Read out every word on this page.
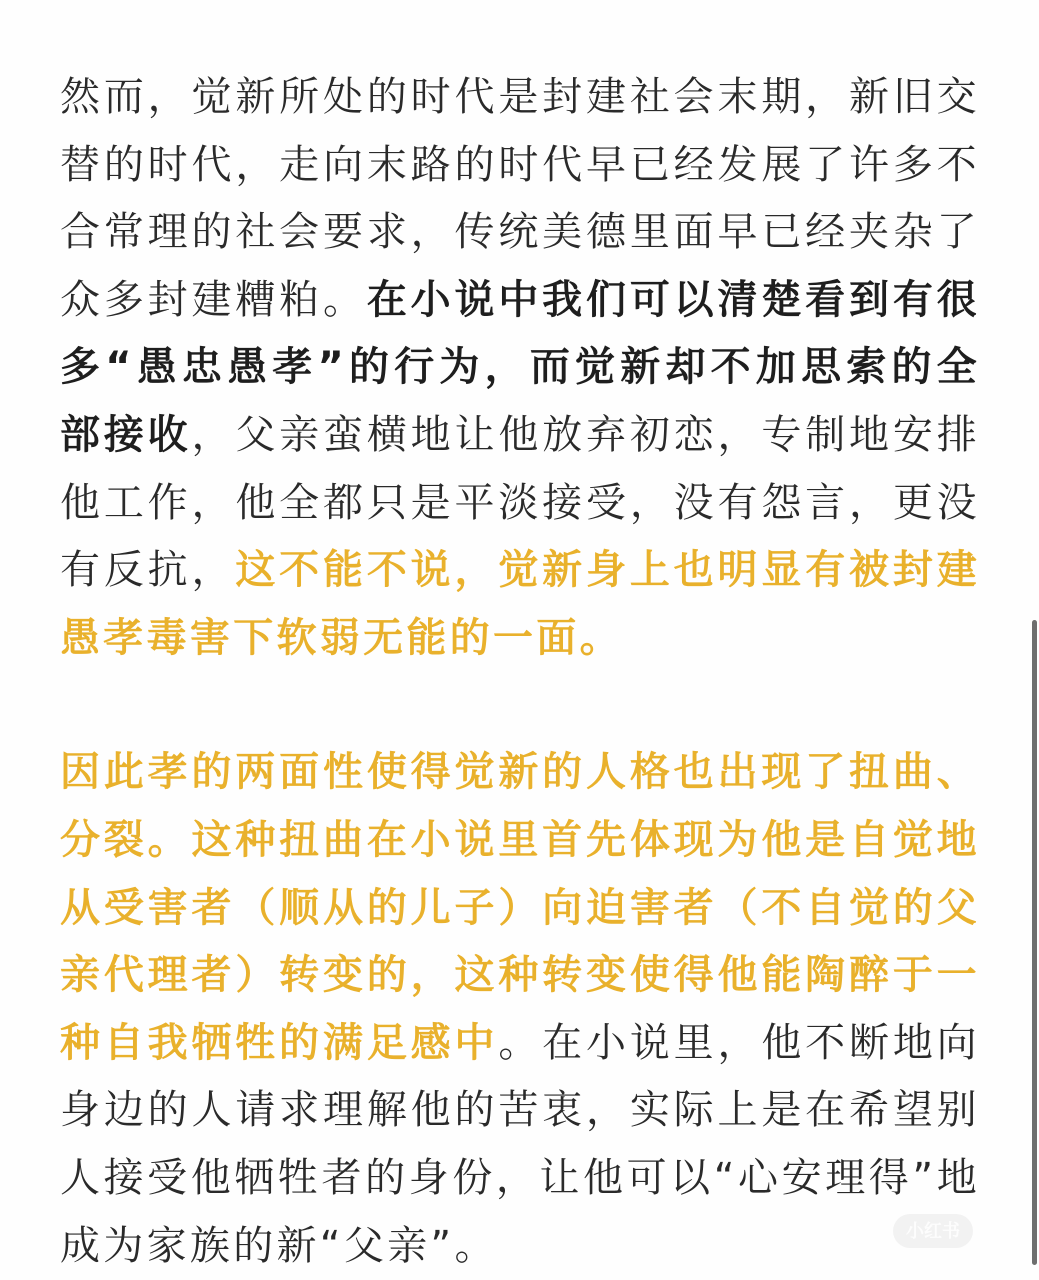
然而，觉新所处的时代是封建社会末期，新旧交替的时代，走向末路的时代早已经发展了许多不合常理的社会要求，传统美德里面早已经夹杂了众多封建糟粕。在小说中我们可以清楚看到有很多“愚忠愚孝”的行为，而觉新却不加思索的全部接收，父亲蛮横地让他放弃初恋，专制地安排他工作，他全都只是平淡接受，没有怨言，更没有反抗，这不能不说，觉新身上也明显有被封建愚孝毒害下软弱无能的一面。

因此孝的两面性使得觉新的人格也出现了扭曲、分裂。这种扭曲在小说里首先体现为他是自觉地从受害者（顺从的儿子）向迫害者（不自觉的父亲代理者）转变的，这种转变使得他能陶醉于一种自我牺牲的满足感中。在小说里，他不断地向身边的人请求理解他的苦衷，实际上是在希望别人接受他牺牲者的身份，让他可以“心安理得”地成为家族的新“父亲”。	小红书
